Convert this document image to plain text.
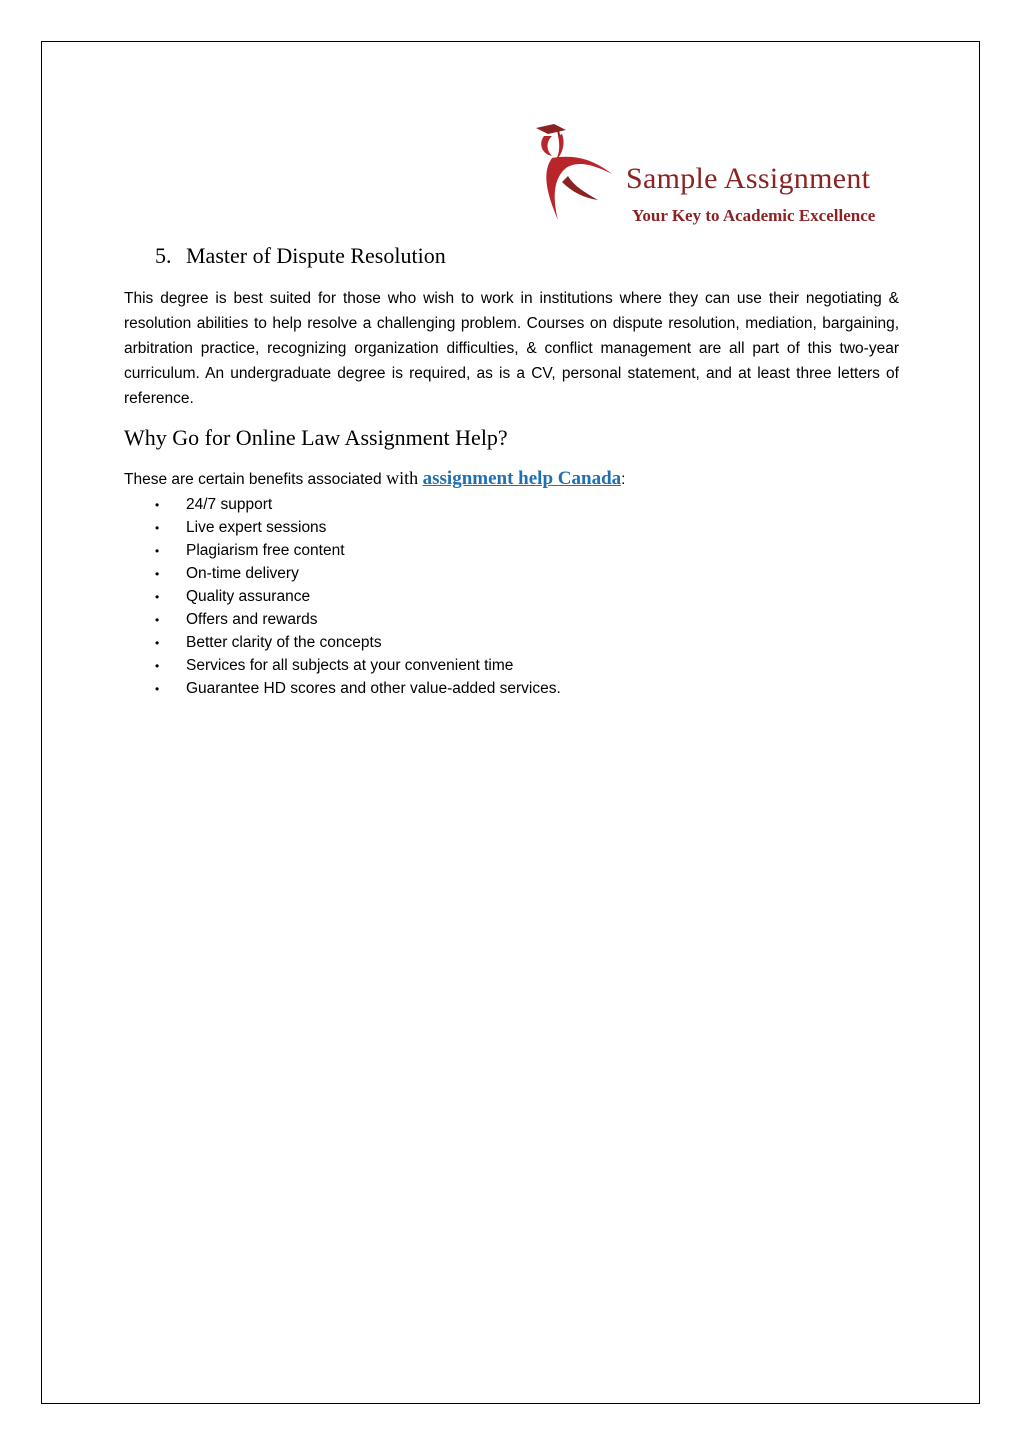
Sample Assignment
Your Key to Academic Excellence
5. Master of Dispute Resolution

This degree is best suited for those who wish to work in institutions where they can use their negotiating & resolution abilities to help resolve a challenging problem. Courses on dispute resolution, mediation, bargaining, arbitration practice, recognizing organization difficulties, & conflict management are all part of this two-year curriculum. An undergraduate degree is required, as is a CV, personal statement, and at least three letters of reference.

Why Go for Online Law Assignment Help?
These are certain benefits associated with assignment help Canada:
• 24/7 support
• Live expert sessions
• Plagiarism free content
• On-time delivery
• Quality assurance
• Offers and rewards
• Better clarity of the concepts
• Services for all subjects at your convenient time
• Guarantee HD scores and other value-added services.
